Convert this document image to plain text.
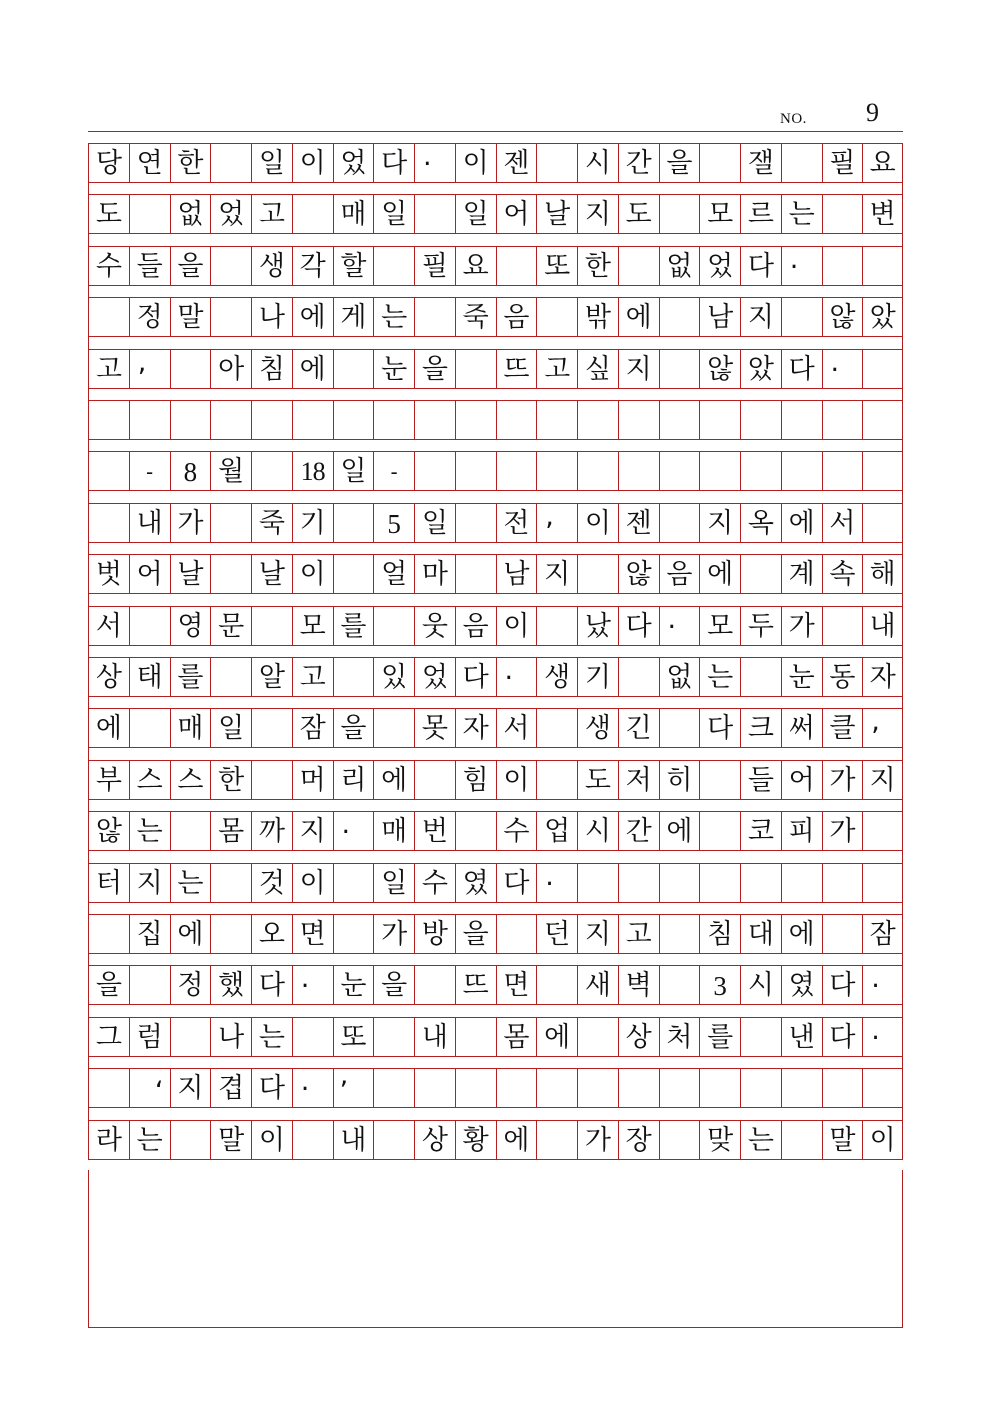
NO. 9
당 연 한 일 이 었 다 .	이 젠 시 간 을 잴 필 요
도 없 었 고 매 일 일 어 날 지 도 모 르 는 변
수 들 을 생 각 할 필 요 또 한 없 었 다 .
정 말 나 에 게 는 죽 음 밖 에 남 지 않 았
고 ,	아 침 에 눈 을 뜨 고 싶 지 않 았 다 .
-	8 월	18 일	-
내 가 죽 기	5 일 전 ,	이 젠 지 옥 에 서
벗 어 날 날 이 얼 마 남 지 않 음 에 계 속 해
서 영 문 모 를 웃 음 이 났 다 .	모 두 가 내
상 태 를 알 고 있 었 다 .	생 기 없 는 눈 동 자
에 매 일 잠 을 못 자 서 생 긴 다 크 써 클 ,
부 스 스 한 머 리 에 힘 이 도 저 히 들 어 가 지
않 는 몸 까 지 .	매 번 수 업 시 간 에 코 피 가
터 지 는 것 이 일 수 였 다 .
집 에 오 면 가 방 을 던 지 고 침 대 에 잠
을 정 했 다 .	눈 을 뜨 면 새 벽	3 시 였 다 .
그 럼 나 는 또 내 몸 에 상 처 를 낸 다 .
‘ 지 겹 다 .	’
라 는 말 이 내 상 황 에 가 장 맞 는 말 이
